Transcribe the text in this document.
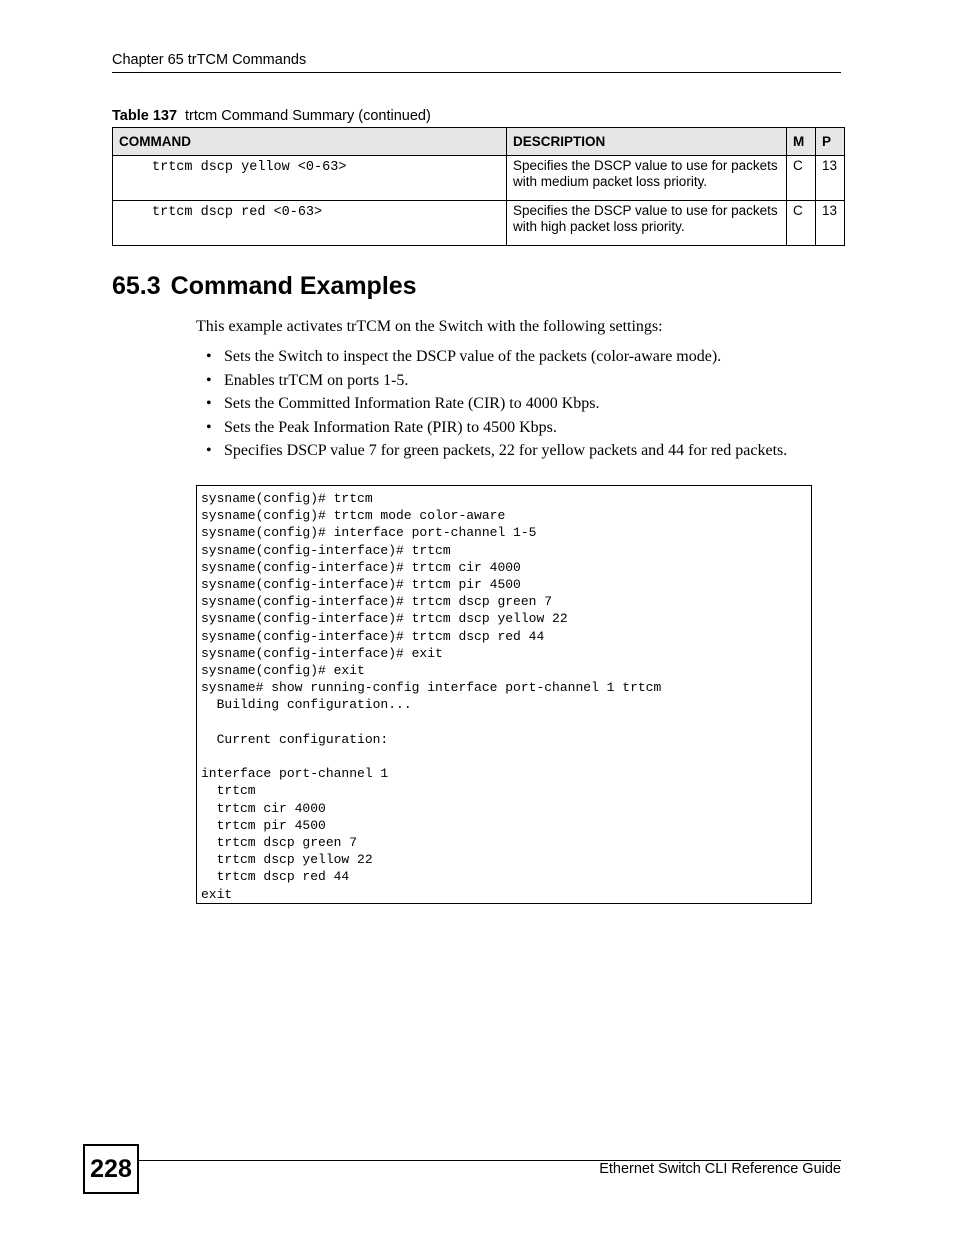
Chapter 65 trTCM Commands
Table 137 trtcm Command Summary (continued)
COMMAND	DESCRIPTION	M	P
trtcm dscp yellow <0-63>	Specifies the DSCP value to use for packets with medium packet loss priority.	C	13
trtcm dscp red <0-63>	Specifies the DSCP value to use for packets with high packet loss priority.	C	13
65.3 Command Examples

This example activates trTCM on the Switch with the following settings:

• Sets the Switch to inspect the DSCP value of the packets (color-aware mode).
• Enables trTCM on ports 1-5.
• Sets the Committed Information Rate (CIR) to 4000 Kbps.
• Sets the Peak Information Rate (PIR) to 4500 Kbps.
• Specifies DSCP value 7 for green packets, 22 for yellow packets and 44 for red packets.
sysname(config)# trtcm
sysname(config)# trtcm mode color-aware
sysname(config)# interface port-channel 1-5
sysname(config-interface)# trtcm
sysname(config-interface)# trtcm cir 4000
sysname(config-interface)# trtcm pir 4500
sysname(config-interface)# trtcm dscp green 7
sysname(config-interface)# trtcm dscp yellow 22
sysname(config-interface)# trtcm dscp red 44
sysname(config-interface)# exit
sysname(config)# exit
sysname# show running-config interface port-channel 1 trtcm
Building configuration...
Current configuration:
interface port-channel 1
trtcm
trtcm cir 4000
trtcm pir 4500
trtcm dscp green 7
trtcm dscp yellow 22
trtcm dscp red 44
exit
228	Ethernet Switch CLI Reference Guide
